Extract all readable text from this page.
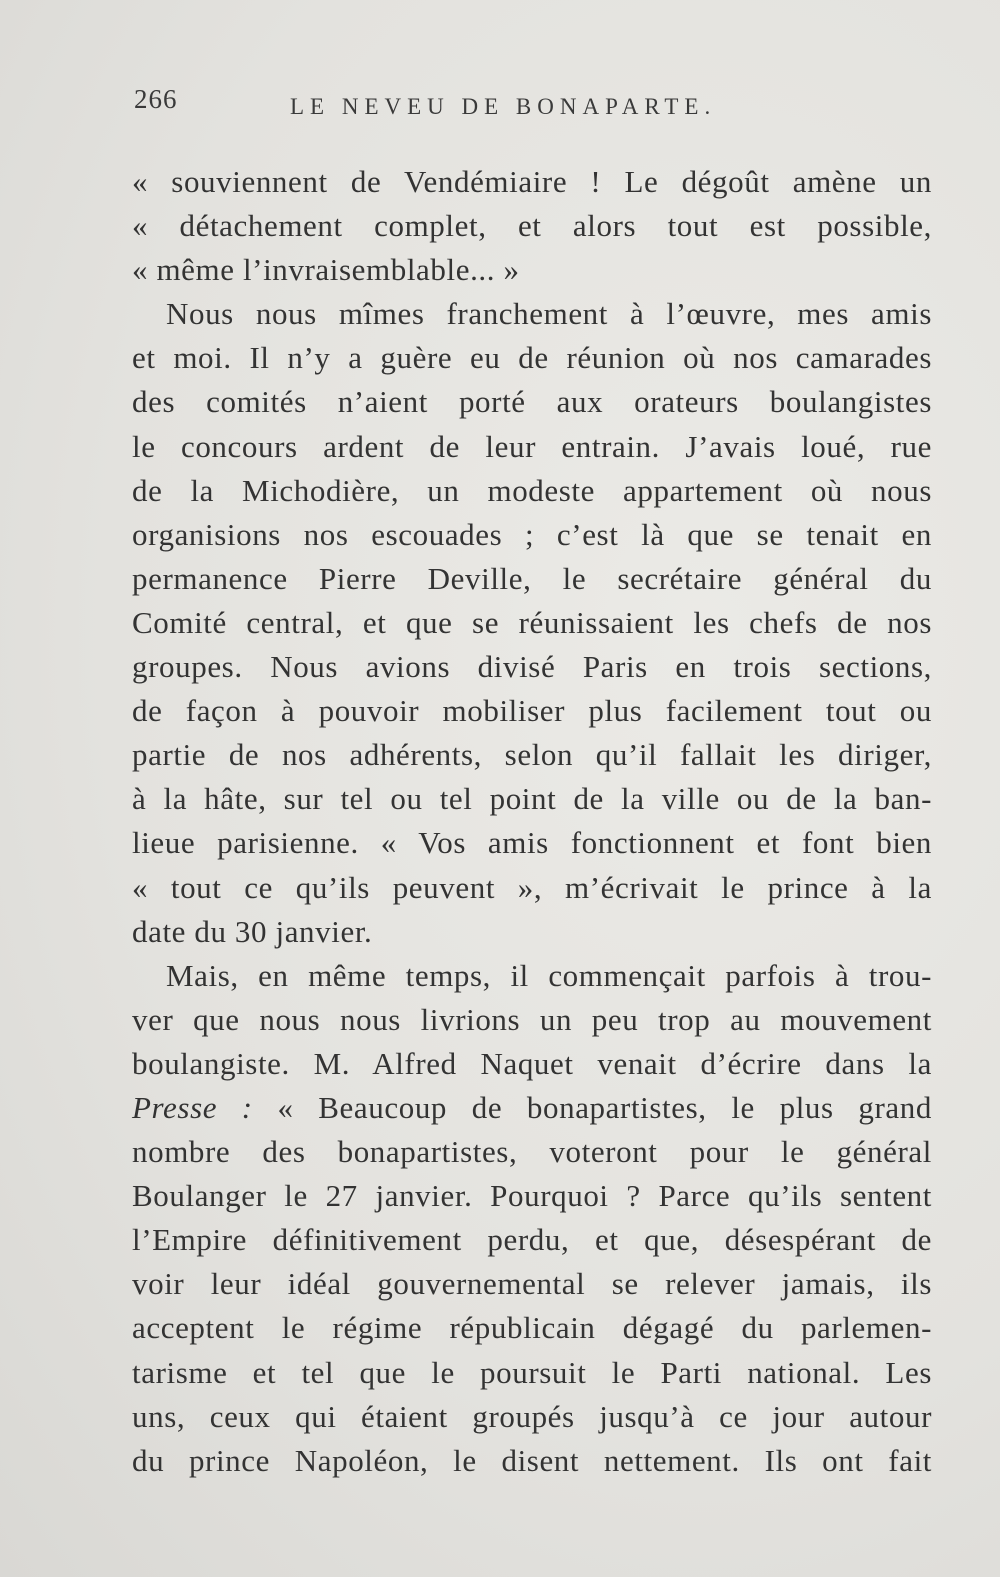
266	LE NEVEU DE BONAPARTE.
« souviennent de Vendémiaire ! Le dégoût amène un
« détachement complet, et alors tout est possible,
« même l’invraisemblable... »
Nous nous mîmes franchement à l’œuvre, mes amis
et moi. Il n’y a guère eu de réunion où nos camarades
des comités n’aient porté aux orateurs boulangistes
le concours ardent de leur entrain. J’avais loué, rue
de la Michodière, un modeste appartement où nous
organisions nos escouades ; c’est là que se tenait en
permanence Pierre Deville, le secrétaire général du
Comité central, et que se réunissaient les chefs de nos
groupes. Nous avions divisé Paris en trois sections,
de façon à pouvoir mobiliser plus facilement tout ou
partie de nos adhérents, selon qu’il fallait les diriger,
à la hâte, sur tel ou tel point de la ville ou de la ban-
lieue parisienne. « Vos amis fonctionnent et font bien
« tout ce qu’ils peuvent », m’écrivait le prince à la
date du 30 janvier.
Mais, en même temps, il commençait parfois à trou-
ver que nous nous livrions un peu trop au mouvement
boulangiste. M. Alfred Naquet venait d’écrire dans la
Presse : « Beaucoup de bonapartistes, le plus grand
nombre des bonapartistes, voteront pour le général
Boulanger le 27 janvier. Pourquoi ? Parce qu’ils sentent
l’Empire définitivement perdu, et que, désespérant de
voir leur idéal gouvernemental se relever jamais, ils
acceptent le régime républicain dégagé du parlemen-
tarisme et tel que le poursuit le Parti national. Les
uns, ceux qui étaient groupés jusqu’à ce jour autour
du prince Napoléon, le disent nettement. Ils ont fait
